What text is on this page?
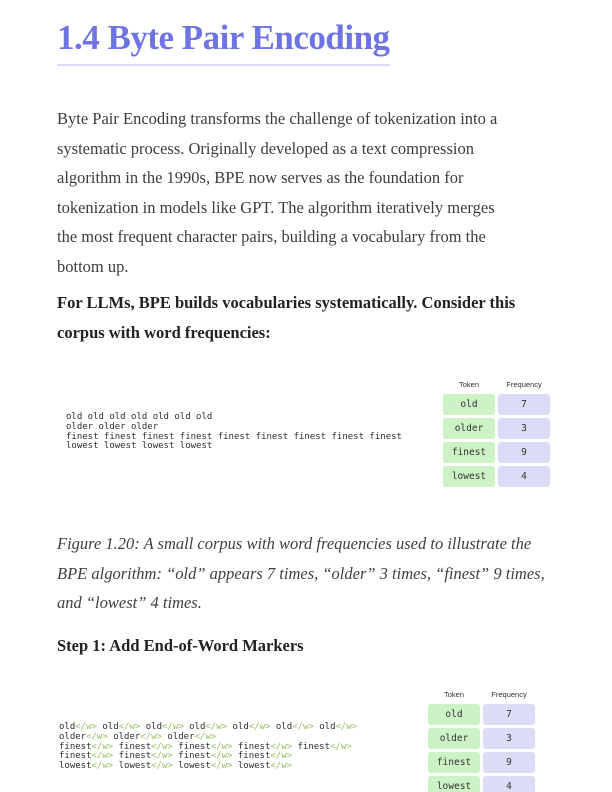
1.4 Byte Pair Encoding
Byte Pair Encoding transforms the challenge of tokenization into a
systematic process. Originally developed as a text compression
algorithm in the 1990s, BPE now serves as the foundation for
tokenization in models like GPT. The algorithm iteratively merges
the most frequent character pairs, building a vocabulary from the
bottom up.
For LLMs, BPE builds vocabularies systematically. Consider this
corpus with word frequencies:
old old old old old old old
older older older
finest finest finest finest finest finest finest finest finest
lowest lowest lowest lowest
Token	Frequency
old	7
older	3
finest	9
lowest	4
Figure 1.20: A small corpus with word frequencies used to illustrate the
BPE algorithm: “old” appears 7 times, “older” 3 times, “finest” 9 times,
and “lowest” 4 times.
Step 1: Add End-of-Word Markers
old</w> old</w> old</w> old</w> old</w> old</w> old</w>
older</w> older</w> older</w>
finest</w> finest</w> finest</w> finest</w> finest</w>
finest</w> finest</w> finest</w> finest</w>
lowest</w> lowest</w> lowest</w> lowest</w>
Token	Frequency
old	7
older	3
finest	9
lowest	4
